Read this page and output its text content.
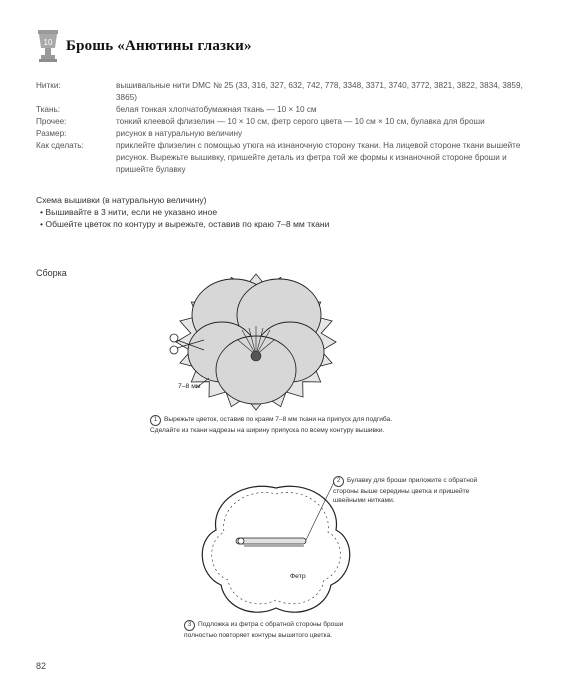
10 Брошь «Анютины глазки»
Нитки:	вышивальные нити DMC № 25 (33, 316, 327, 632, 742, 778, 3348, 3371, 3740, 3772, 3821, 3822, 3834, 3859, 3865)
Ткань:	белая тонкая хлопчатобумажная ткань — 10 × 10 см
Прочее:	тонкий клеевой флизелин — 10 × 10 см, фетр серого цвета — 10 см × 10 см, булавка для броши
Размер:	рисунок в натуральную величину
Как сделать:	приклейте флизелин с помощью утюга на изнаночную сторону ткани. На лицевой стороне ткани вышейте рисунок. Вырежьте вышивку, пришейте деталь из фетра той же формы к изнаночной стороне броши и пришейте булавку
Схема вышивки (в натуральную величину)
• Вышивайте в 3 нити, если не указано иное
• Обшейте цветок по контуру и вырежьте, оставив по краю 7–8 мм ткани
Сборка
7–8 мм
1 Вырежьте цветок, оставив по краям 7–8 мм ткани на припуск для подгиба. Сделайте из ткани надрезы на ширину припуска по всему контуру вышивки.
Фетр
2 Булавку для броши приложите с обратной стороны выше середины цветка и пришейте швейными нитками.
3 Подложка из фетра с обратной стороны броши полностью повторяет контуры вышитого цветка.
82
